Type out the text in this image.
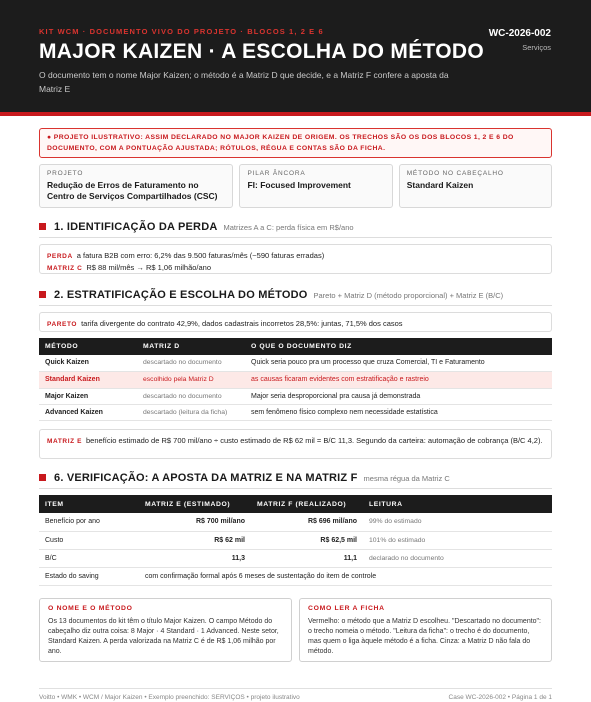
KIT WCM · DOCUMENTO VIVO DO PROJETO · BLOCOS 1, 2 E 6
MAJOR KAIZEN · A ESCOLHA DO MÉTODO
O documento tem o nome Major Kaizen; o método é a Matriz D que decide, e a Matriz F confere a aposta da Matriz E
WC-2026-002
Serviços
● PROJETO ILUSTRATIVO: ASSIM DECLARADO NO MAJOR KAIZEN DE ORIGEM. OS TRECHOS SÃO OS DOS BLOCOS 1, 2 E 6 DO DOCUMENTO, COM A PONTUAÇÃO AJUSTADA; RÓTULOS, RÉGUA E CONTAS SÃO DA FICHA.
PROJETO
Redução de Erros de Faturamento no Centro de Serviços Compartilhados (CSC)
PILAR ÂNCORA
FI: Focused Improvement
MÉTODO NO CABEÇALHO
Standard Kaizen
1. IDENTIFICAÇÃO DA PERDA Matrizes A a C: perda física em R$/ano
PERDA a fatura B2B com erro: 6,2% das 9.500 faturas/mês (~590 faturas erradas)
MATRIZ C R$ 88 mil/mês → R$ 1,06 milhão/ano
2. ESTRATIFICAÇÃO E ESCOLHA DO MÉTODO Pareto + Matriz D (método proporcional) + Matriz E (B/C)
PARETO tarifa divergente do contrato 42,9%, dados cadastrais incorretos 28,5%: juntas, 71,5% dos casos
MÉTODO	MATRIZ D	O QUE O DOCUMENTO DIZ
Quick Kaizen	descartado no documento	Quick seria pouco pra um processo que cruza Comercial, TI e Faturamento
Standard Kaizen	escolhido pela Matriz D	as causas ficaram evidentes com estratificação e rastreio
Major Kaizen	descartado no documento	Major seria desproporcional pra causa já demonstrada
Advanced Kaizen	descartado (leitura da ficha)	sem fenômeno físico complexo nem necessidade estatística
MATRIZ E benefício estimado de R$ 700 mil/ano ÷ custo estimado de R$ 62 mil = B/C 11,3. Segundo da carteira: automação de cobrança (B/C 4,2).
6. VERIFICAÇÃO: A APOSTA DA MATRIZ E NA MATRIZ F mesma régua da Matriz C
ITEM	MATRIZ E (ESTIMADO)	MATRIZ F (REALIZADO)	LEITURA
Benefício por ano	R$ 700 mil/ano	R$ 696 mil/ano	99% do estimado
Custo	R$ 62 mil	R$ 62,5 mil	101% do estimado
B/C	11,3	11,1	declarado no documento
Estado do saving	com confirmação formal após 6 meses de sustentação do item de controle		
O NOME E O MÉTODO
Os 13 documentos do kit têm o título Major Kaizen. O campo Método do cabeçalho diz outra coisa: 8 Major · 4 Standard · 1 Advanced. Neste setor, Standard Kaizen. A perda valorizada na Matriz C é de R$ 1,06 milhão por ano.
COMO LER A FICHA
Vermelho: o método que a Matriz D escolheu. "Descartado no documento": o trecho nomeia o método. "Leitura da ficha": o trecho é do documento, mas quem o liga àquele método é a ficha. Cinza: a Matriz D não fala do método.
Voitto • WMK • WCM / Major Kaizen • Exemplo preenchido: SERVIÇOS • projeto ilustrativo	Case WC-2026-002 • Página 1 de 1
